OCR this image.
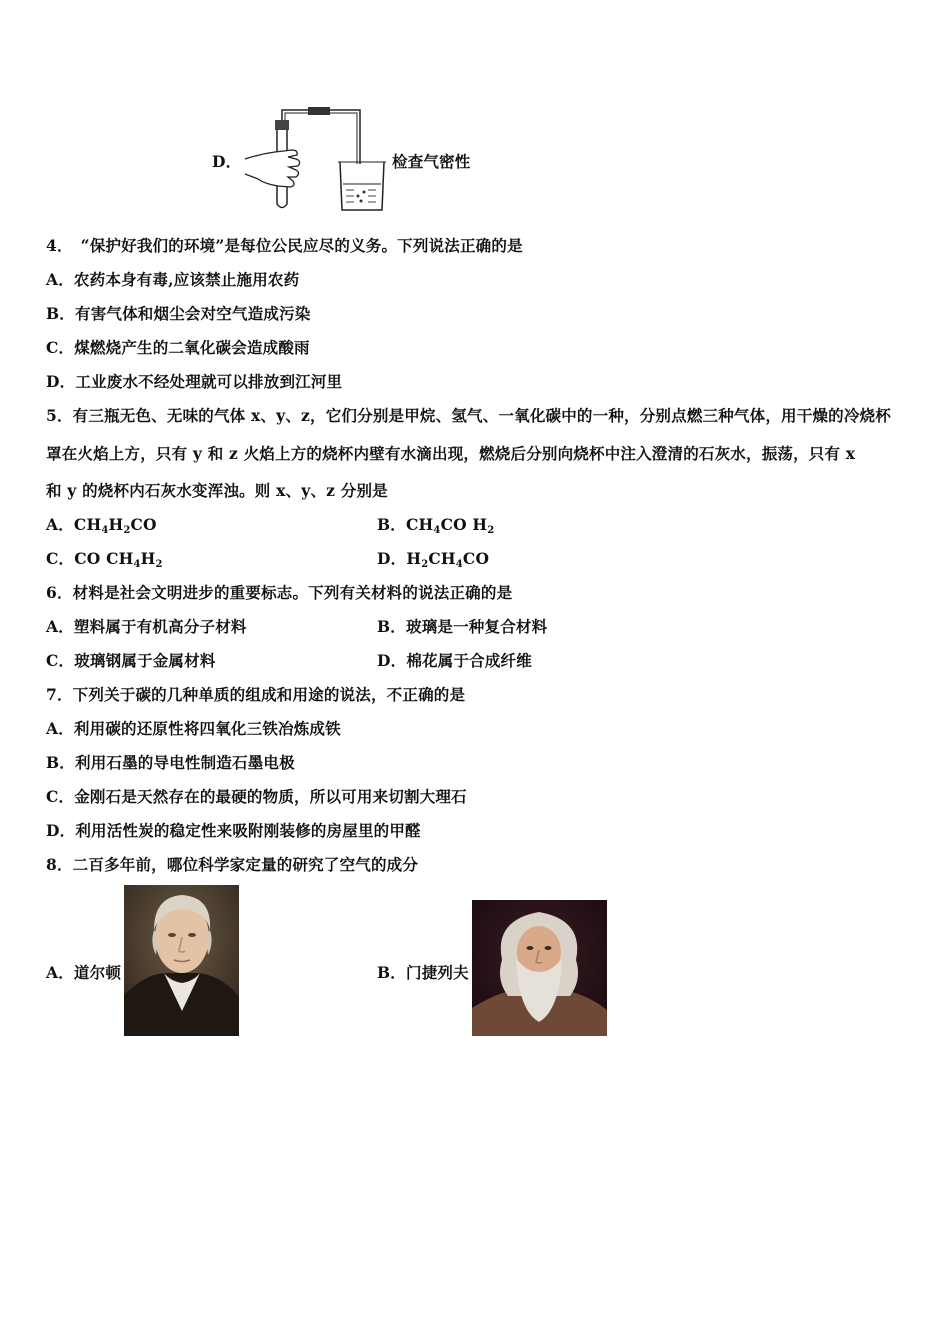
D．	检查气密性
4．　“保护好我们的环境”是每位公民应尽的义务。下列说法正确的是
A．农药本身有毒,应该禁止施用农药
B．有害气体和烟尘会对空气造成污染
C．煤燃烧产生的二氧化碳会造成酸雨
D．工业废水不经处理就可以排放到江河里
5．有三瓶无色、无味的气体 x、y、z，它们分别是甲烷、氢气、一氧化碳中的一种，分别点燃三种气体，用干燥的冷烧杯
罩在火焰上方，只有 y 和 z 火焰上方的烧杯内壁有水滴出现，燃烧后分别向烧杯中注入澄清的石灰水，振荡，只有 x
和 y 的烧杯内石灰水变浑浊。则 x、y、z 分别是
A．$CH_4H_2CO$	B．$CH_4CO$ $H_2$
C．CO $CH_4H_2$	D．$H_2CH_4CO$
6．材料是社会文明进步的重要标志。下列有关材料的说法正确的是
A．塑料属于有机高分子材料	B．玻璃是一种复合材料
C．玻璃钢属于金属材料	D．棉花属于合成纤维
7．下列关于碳的几种单质的组成和用途的说法，不正确的是
A．利用碳的还原性将四氧化三铁冶炼成铁
B．利用石墨的导电性制造石墨电极
C．金刚石是天然存在的最硬的物质，所以可用来切割大理石
D．利用活性炭的稳定性来吸附刚装修的房屋里的甲醛
8．二百多年前，哪位科学家定量的研究了空气的成分
A．道尔顿	B．门捷列夫
